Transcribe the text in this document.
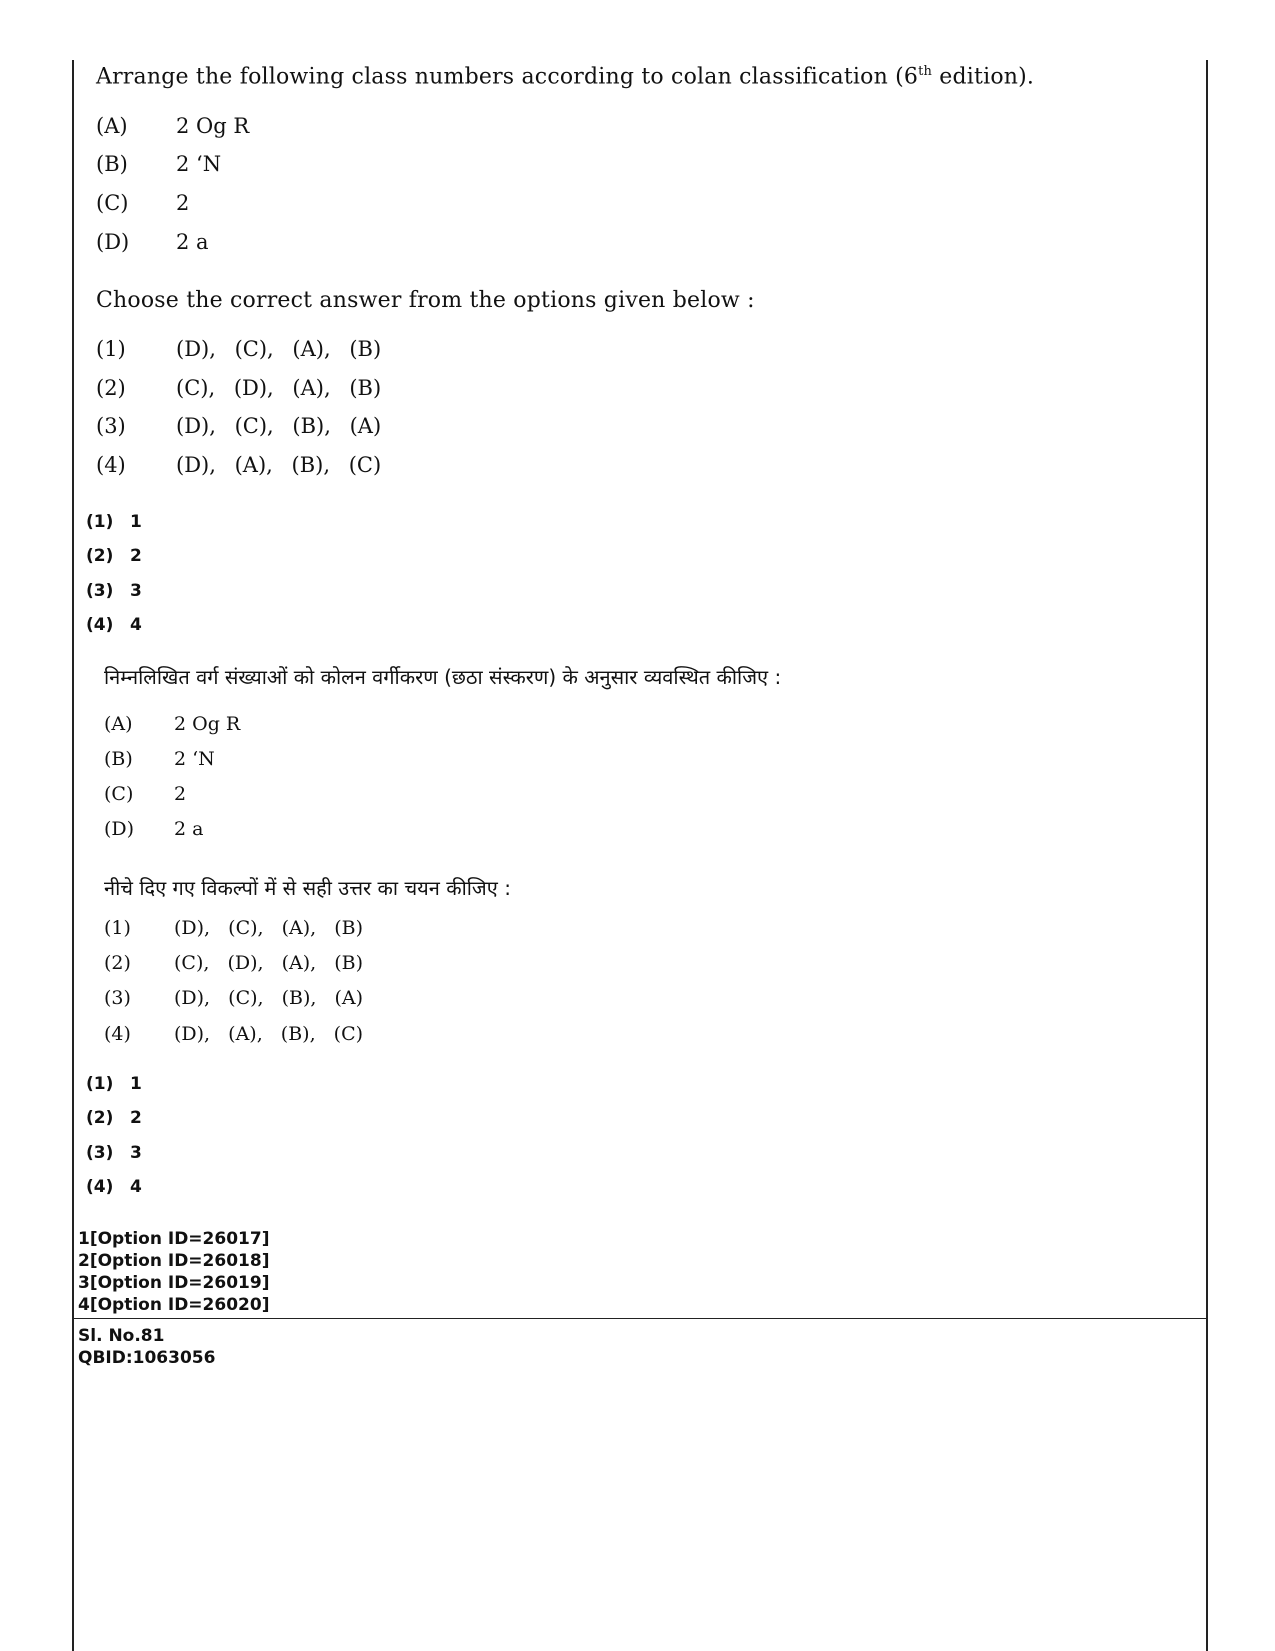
Arrange the following class numbers according to colan classification (6th edition).
(A)	2 Og R
(B)	2 ‘N
(C)	2
(D)	2 a
Choose the correct answer from the options given below :
(1)	(D), (C), (A), (B)
(2)	(C), (D), (A), (B)
(3)	(D), (C), (B), (A)
(4)	(D), (A), (B), (C)
(1) 1
(2) 2
(3) 3
(4) 4
निम्नलिखित वर्ग संख्याओं को कोलन वर्गीकरण (छठा संस्करण) के अनुसार व्यवस्थित कीजिए :
(A)	2 Og R
(B)	2 ‘N
(C)	2
(D)	2 a
नीचे दिए गए विकल्पों में से सही उत्तर का चयन कीजिए :
(1)	(D), (C), (A), (B)
(2)	(C), (D), (A), (B)
(3)	(D), (C), (B), (A)
(4)	(D), (A), (B), (C)
(1) 1
(2) 2
(3) 3
(4) 4
1[Option ID=26017]
2[Option ID=26018]
3[Option ID=26019]
4[Option ID=26020]
Sl. No.81
QBID:1063056
